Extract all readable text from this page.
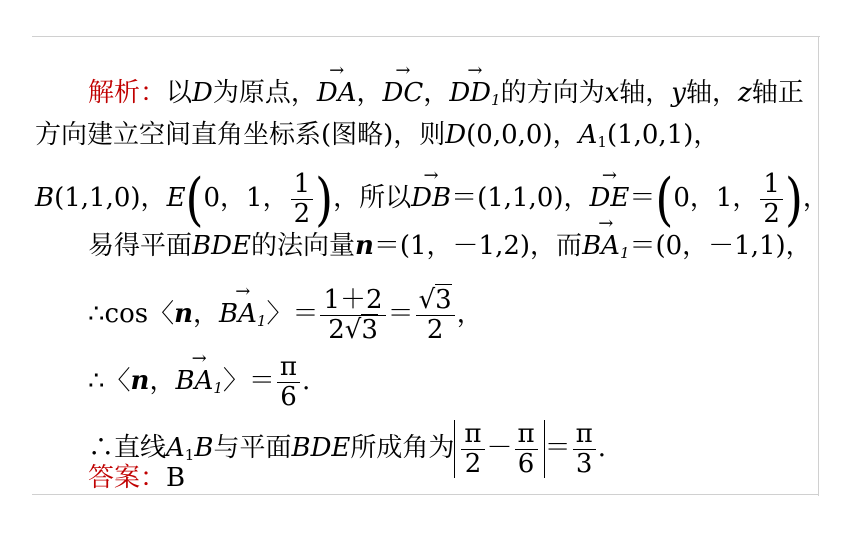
解析：以D为原点，→ DA，→ DC，→ $DD_1$的方向为x轴，y轴，z轴正
方向建立空间直角坐标系(图略)，则D(0,0,0)，$A_1(1,0,1)$，
B(1,1,0)，E(0，1， $\frac{1}{2}$ )，所以→ DB＝(1,1,0)，→ DE＝(0，1， $\frac{1}{2}$ )，
易得平面BDE的法向量n＝(1，－1,2)，而→ $BA_1=(0$，－1,1)，
∴cos〈n，→ $BA_1$〉＝ $\frac{1+2}{2 √ 3}$ ＝ √ $\frac{3}{2}$ ，
∴〈n，→ $BA_1$〉＝ $\frac{\pi}{6}$ .
∴直线$A_1B$与平面BDE所成角为 $\frac{\pi}{2} - \frac{\pi}{6} = \frac{\pi}{3}$ .
答案：B
